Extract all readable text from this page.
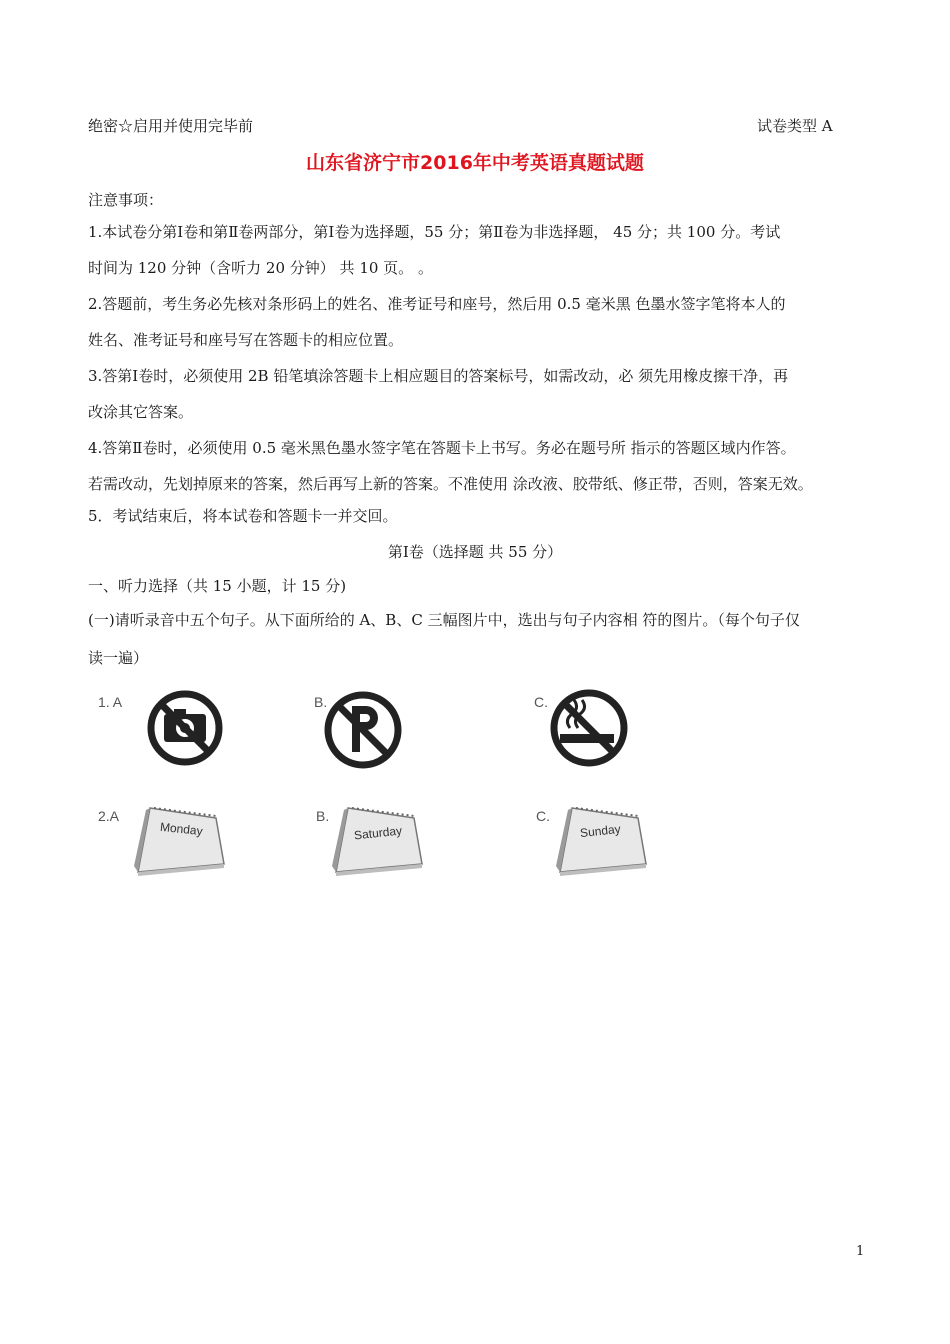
绝密☆启用并使用完毕前	试卷类型 A
山东省济宁市2016年中考英语真题试题
注意事项：
1.本试卷分第Ⅰ卷和第Ⅱ卷两部分，第Ⅰ卷为选择题，55 分；第Ⅱ卷为非选择题， 45 分；共 100 分。考试
时间为 120 分钟（含听力 20 分钟） 共 10 页。 。
2.答题前，考生务必先核对条形码上的姓名、准考证号和座号，然后用 0.5 毫米黑 色墨水签字笔将本人的
姓名、准考证号和座号写在答题卡的相应位置。
3.答第Ⅰ卷时，必须使用 2B 铅笔填涂答题卡上相应题目的答案标号，如需改动，必 须先用橡皮擦干净，再
改涂其它答案。
4.答第Ⅱ卷时，必须使用 0.5 毫米黑色墨水签字笔在答题卡上书写。务必在题号所 指示的答题区域内作答。
若需改动，先划掉原来的答案，然后再写上新的答案。不准使用 涂改液、胶带纸、修正带，否则，答案无效。
5．考试结束后，将本试卷和答题卡一并交回。
第Ⅰ卷（选择题 共 55 分）
一、听力选择（共 15 小题，计 15 分)
(一)请听录音中五个句子。从下面所给的 A、B、C 三幅图片中，选出与句子内容相 符的图片。（每个句子仅
读一遍）
1. A	B.	C.
2.A
Monday
B.
Saturday
C.
Sunday
1
